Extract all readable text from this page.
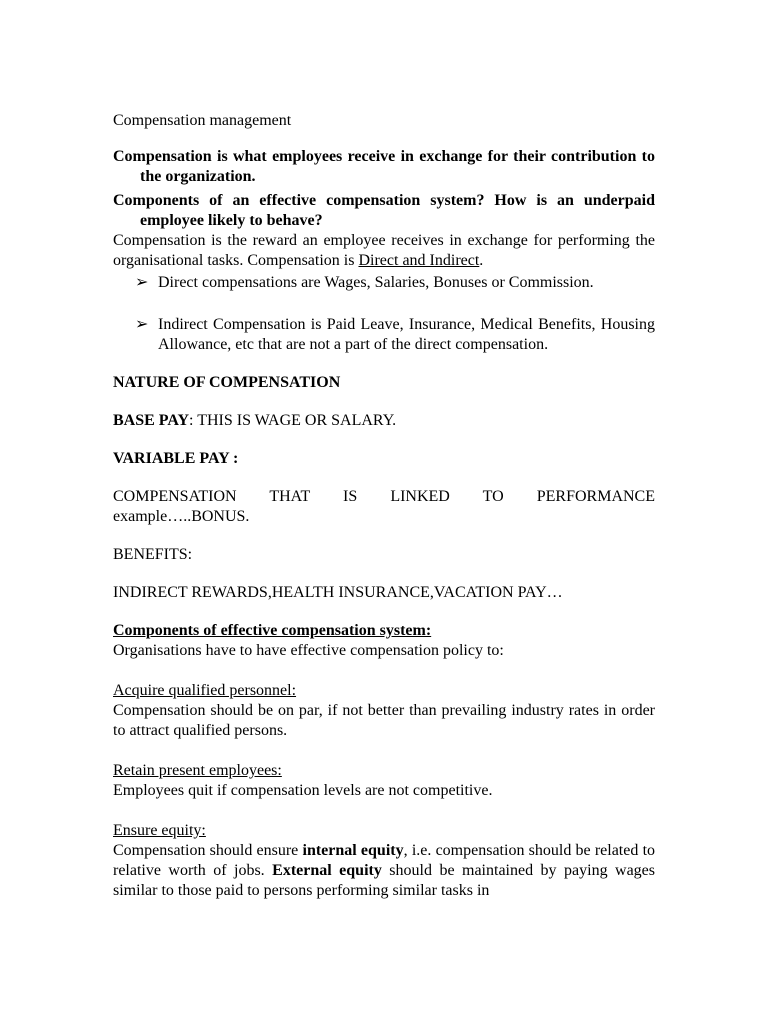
Compensation management

Compensation is what employees receive in exchange for their contribution to the organization.

Components of an effective compensation system? How is an underpaid employee likely to behave?

Compensation is the reward an employee receives in exchange for performing the organisational tasks. Compensation is Direct and Indirect.

➢ Direct compensations are Wages, Salaries, Bonuses or Commission.

➢ Indirect Compensation is Paid Leave, Insurance, Medical Benefits, Housing Allowance, etc that are not a part of the direct compensation.

NATURE OF COMPENSATION

BASE PAY: THIS IS WAGE OR SALARY.

VARIABLE PAY :

COMPENSATION THAT IS LINKED TO PERFORMANCE

example…..BONUS.

BENEFITS:

INDIRECT REWARDS,HEALTH INSURANCE,VACATION PAY…

Components of effective compensation system:

Organisations have to have effective compensation policy to:

Acquire qualified personnel:

Compensation should be on par, if not better than prevailing industry rates in order to attract qualified persons.

Retain present employees:

Employees quit if compensation levels are not competitive.

Ensure equity:

Compensation should ensure internal equity, i.e. compensation should be related to relative worth of jobs. External equity should be maintained by paying wages similar to those paid to persons performing similar tasks in
